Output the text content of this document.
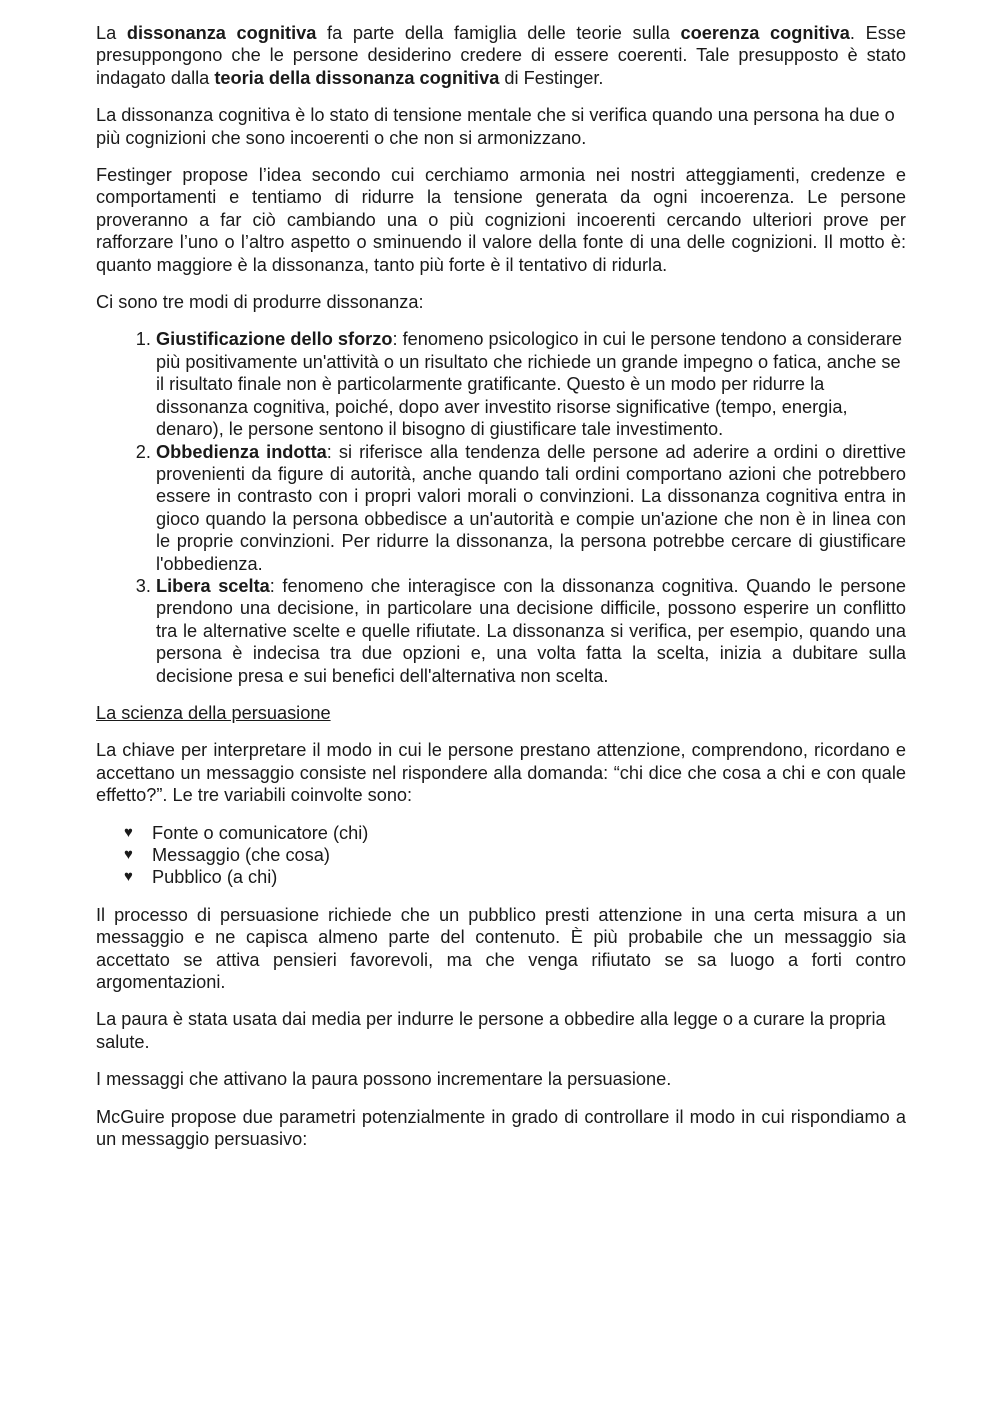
La dissonanza cognitiva fa parte della famiglia delle teorie sulla coerenza cognitiva. Esse presuppongono che le persone desiderino credere di essere coerenti. Tale presupposto è stato indagato dalla teoria della dissonanza cognitiva di Festinger.

La dissonanza cognitiva è lo stato di tensione mentale che si verifica quando una persona ha due o più cognizioni che sono incoerenti o che non si armonizzano.

Festinger propose l’idea secondo cui cerchiamo armonia nei nostri atteggiamenti, credenze e comportamenti e tentiamo di ridurre la tensione generata da ogni incoerenza. Le persone proveranno a far ciò cambiando una o più cognizioni incoerenti cercando ulteriori prove per rafforzare l’uno o l’altro aspetto o sminuendo il valore della fonte di una delle cognizioni. Il motto è: quanto maggiore è la dissonanza, tanto più forte è il tentativo di ridurla.

Ci sono tre modi di produrre dissonanza:

1. Giustificazione dello sforzo: fenomeno psicologico in cui le persone tendono a considerare più positivamente un'attività o un risultato che richiede un grande impegno o fatica, anche se il risultato finale non è particolarmente gratificante. Questo è un modo per ridurre la dissonanza cognitiva, poiché, dopo aver investito risorse significative (tempo, energia, denaro), le persone sentono il bisogno di giustificare tale investimento.
2. Obbedienza indotta: si riferisce alla tendenza delle persone ad aderire a ordini o direttive provenienti da figure di autorità, anche quando tali ordini comportano azioni che potrebbero essere in contrasto con i propri valori morali o convinzioni. La dissonanza cognitiva entra in gioco quando la persona obbedisce a un'autorità e compie un'azione che non è in linea con le proprie convinzioni. Per ridurre la dissonanza, la persona potrebbe cercare di giustificare l'obbedienza.
3. Libera scelta: fenomeno che interagisce con la dissonanza cognitiva. Quando le persone prendono una decisione, in particolare una decisione difficile, possono esperire un conflitto tra le alternative scelte e quelle rifiutate. La dissonanza si verifica, per esempio, quando una persona è indecisa tra due opzioni e, una volta fatta la scelta, inizia a dubitare sulla decisione presa e sui benefici dell'alternativa non scelta.

La scienza della persuasione

La chiave per interpretare il modo in cui le persone prestano attenzione, comprendono, ricordano e accettano un messaggio consiste nel rispondere alla domanda: “chi dice che cosa a chi e con quale effetto?”. Le tre variabili coinvolte sono:

♥ Fonte o comunicatore (chi)
♥ Messaggio (che cosa)
♥ Pubblico (a chi)

Il processo di persuasione richiede che un pubblico presti attenzione in una certa misura a un messaggio e ne capisca almeno parte del contenuto. È più probabile che un messaggio sia accettato se attiva pensieri favorevoli, ma che venga rifiutato se sa luogo a forti contro argomentazioni.

La paura è stata usata dai media per indurre le persone a obbedire alla legge o a curare la propria salute.

I messaggi che attivano la paura possono incrementare la persuasione.

McGuire propose due parametri potenzialmente in grado di controllare il modo in cui rispondiamo a un messaggio persuasivo:
